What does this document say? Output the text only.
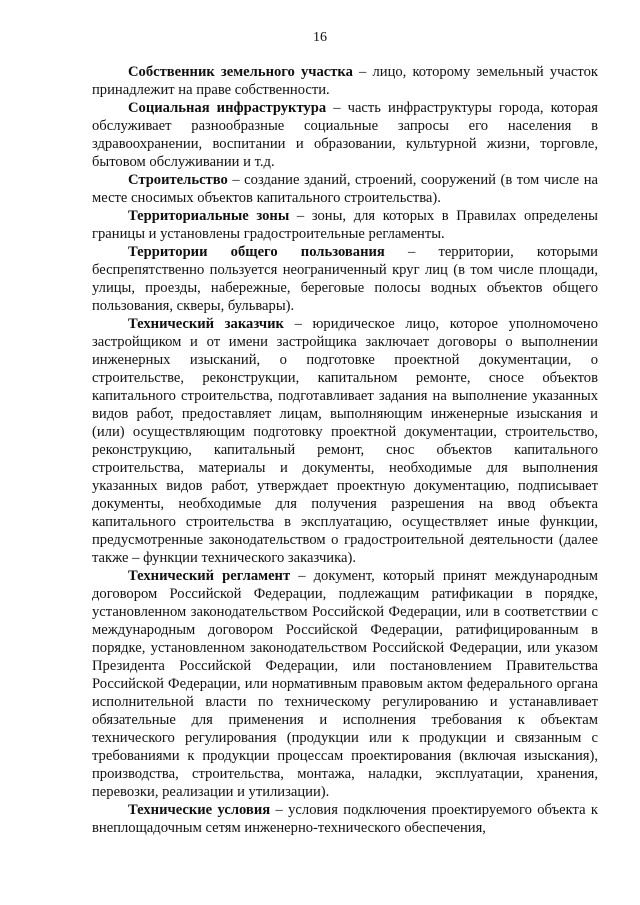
16

Собственник земельного участка – лицо, которому земельный участок принадлежит на праве собственности.

Социальная инфраструктура – часть инфраструктуры города, которая обслуживает разнообразные социальные запросы его населения в здравоохранении, воспитании и образовании, культурной жизни, торговле, бытовом обслуживании и т.д.

Строительство – создание зданий, строений, сооружений (в том числе на месте сносимых объектов капитального строительства).

Территориальные зоны – зоны, для которых в Правилах определены границы и установлены градостроительные регламенты.

Территории общего пользования – территории, которыми беспрепятственно пользуется неограниченный круг лиц (в том числе площади, улицы, проезды, набережные, береговые полосы водных объектов общего пользования, скверы, бульвары).

Технический заказчик – юридическое лицо, которое уполномочено застройщиком и от имени застройщика заключает договоры о выполнении инженерных изысканий, о подготовке проектной документации, о строительстве, реконструкции, капитальном ремонте, сносе объектов капитального строительства, подготавливает задания на выполнение указанных видов работ, предоставляет лицам, выполняющим инженерные изыскания и (или) осуществляющим подготовку проектной документации, строительство, реконструкцию, капитальный ремонт, снос объектов капитального строительства, материалы и документы, необходимые для выполнения указанных видов работ, утверждает проектную документацию, подписывает документы, необходимые для получения разрешения на ввод объекта капитального строительства в эксплуатацию, осуществляет иные функции, предусмотренные законодательством о градостроительной деятельности (далее также – функции технического заказчика).

Технический регламент – документ, который принят международным договором Российской Федерации, подлежащим ратификации в порядке, установленном законодательством Российской Федерации, или в соответствии с международным договором Российской Федерации, ратифицированным в порядке, установленном законодательством Российской Федерации, или указом Президента Российской Федерации, или постановлением Правительства Российской Федерации, или нормативным правовым актом федерального органа исполнительной власти по техническому регулированию и устанавливает обязательные для применения и исполнения требования к объектам технического регулирования (продукции или к продукции и связанным с требованиями к продукции процессам проектирования (включая изыскания), производства, строительства, монтажа, наладки, эксплуатации, хранения, перевозки, реализации и утилизации).

Технические условия – условия подключения проектируемого объекта к внеплощадочным сетям инженерно-технического обеспечения,
